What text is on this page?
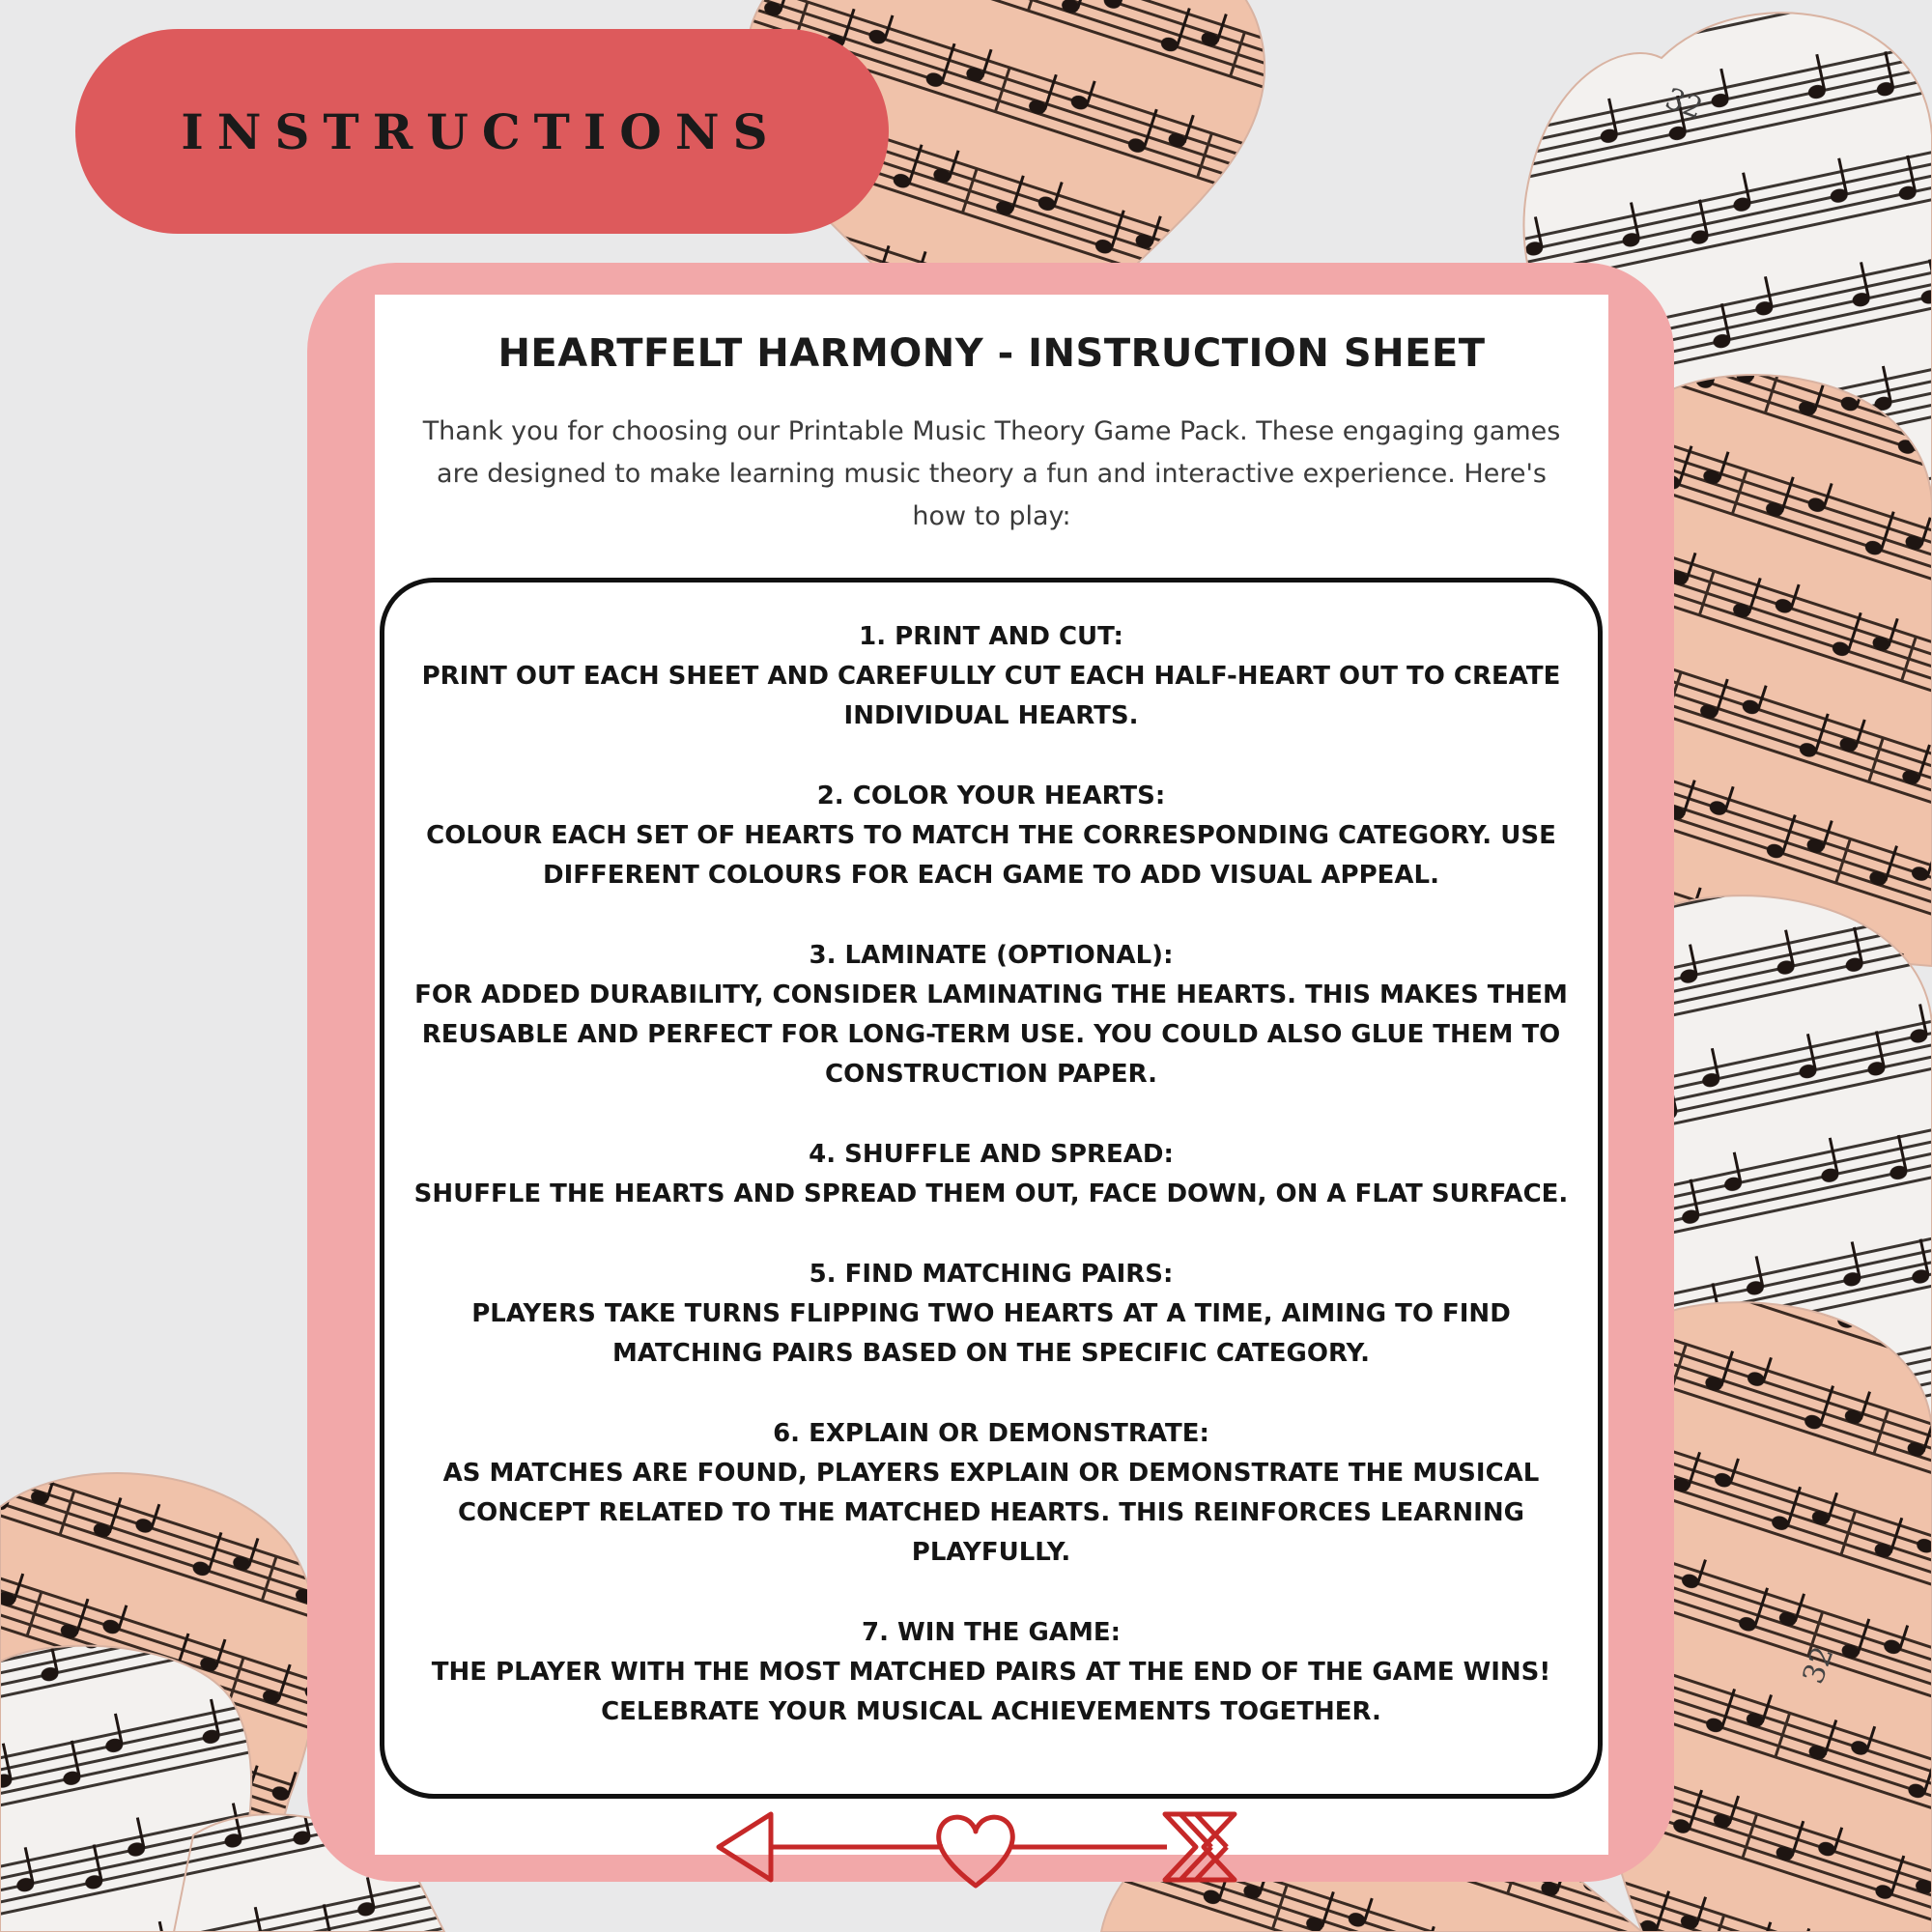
32
32
INSTRUCTIONS
HEARTFELT HARMONY - INSTRUCTION SHEET

Thank you for choosing our Printable Music Theory Game Pack. These engaging games are designed to make learning music theory a fun and interactive experience. Here's how to play:

1. PRINT AND CUT:
PRINT OUT EACH SHEET AND CAREFULLY CUT EACH HALF-HEART OUT TO CREATE INDIVIDUAL HEARTS.

2. COLOR YOUR HEARTS:
COLOUR EACH SET OF HEARTS TO MATCH THE CORRESPONDING CATEGORY. USE DIFFERENT COLOURS FOR EACH GAME TO ADD VISUAL APPEAL.

3. LAMINATE (OPTIONAL):
FOR ADDED DURABILITY, CONSIDER LAMINATING THE HEARTS. THIS MAKES THEM REUSABLE AND PERFECT FOR LONG-TERM USE. YOU COULD ALSO GLUE THEM TO CONSTRUCTION PAPER.

4. SHUFFLE AND SPREAD:
SHUFFLE THE HEARTS AND SPREAD THEM OUT, FACE DOWN, ON A FLAT SURFACE.

5. FIND MATCHING PAIRS:
PLAYERS TAKE TURNS FLIPPING TWO HEARTS AT A TIME, AIMING TO FIND MATCHING PAIRS BASED ON THE SPECIFIC CATEGORY.

6. EXPLAIN OR DEMONSTRATE:
AS MATCHES ARE FOUND, PLAYERS EXPLAIN OR DEMONSTRATE THE MUSICAL CONCEPT RELATED TO THE MATCHED HEARTS. THIS REINFORCES LEARNING PLAYFULLY.

7. WIN THE GAME:
THE PLAYER WITH THE MOST MATCHED PAIRS AT THE END OF THE GAME WINS! CELEBRATE YOUR MUSICAL ACHIEVEMENTS TOGETHER.
